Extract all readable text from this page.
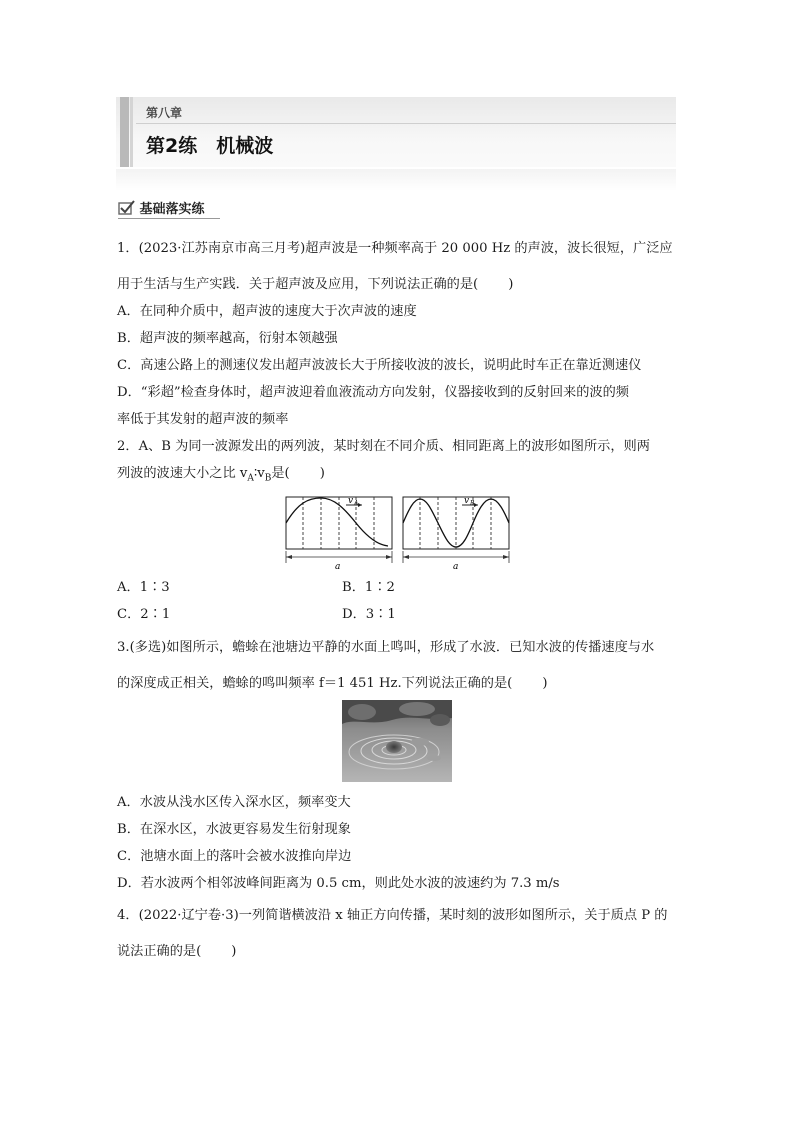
第八章
第2练　机械波
基础落实练
1．(2023·江苏南京市高三月考)超声波是一种频率高于 20 000 Hz 的声波，波长很短，广泛应
用于生活与生产实践．关于超声波及应用，下列说法正确的是( )
A．在同种介质中，超声波的速度大于次声波的速度
B．超声波的频率越高，衍射本领越强
C．高速公路上的测速仪发出超声波波长大于所接收波的波长，说明此时车正在靠近测速仪
D．“彩超”检查身体时，超声波迎着血液流动方向发射，仪器接收到的反射回来的波的频
率低于其发射的超声波的频率
2．A、B 为同一波源发出的两列波，某时刻在不同介质、相同距离上的波形如图所示，则两
列波的波速大小之比 $v_A∶v_B$是( )
v A
a
v B
a
A．1∶3	B．1∶2
C．2∶1	D．3∶1
3.(多选)如图所示，蟾蜍在池塘边平静的水面上鸣叫，形成了水波．已知水波的传播速度与水
的深度成正相关，蟾蜍的鸣叫频率 f＝1 451 Hz.下列说法正确的是( )
A．水波从浅水区传入深水区，频率变大
B．在深水区，水波更容易发生衍射现象
C．池塘水面上的落叶会被水波推向岸边
D．若水波两个相邻波峰间距离为 0.5 cm，则此处水波的波速约为 7.3 m/s
4．(2022·辽宁卷·3)一列简谐横波沿 x 轴正方向传播，某时刻的波形如图所示，关于质点 P 的
说法正确的是( )
